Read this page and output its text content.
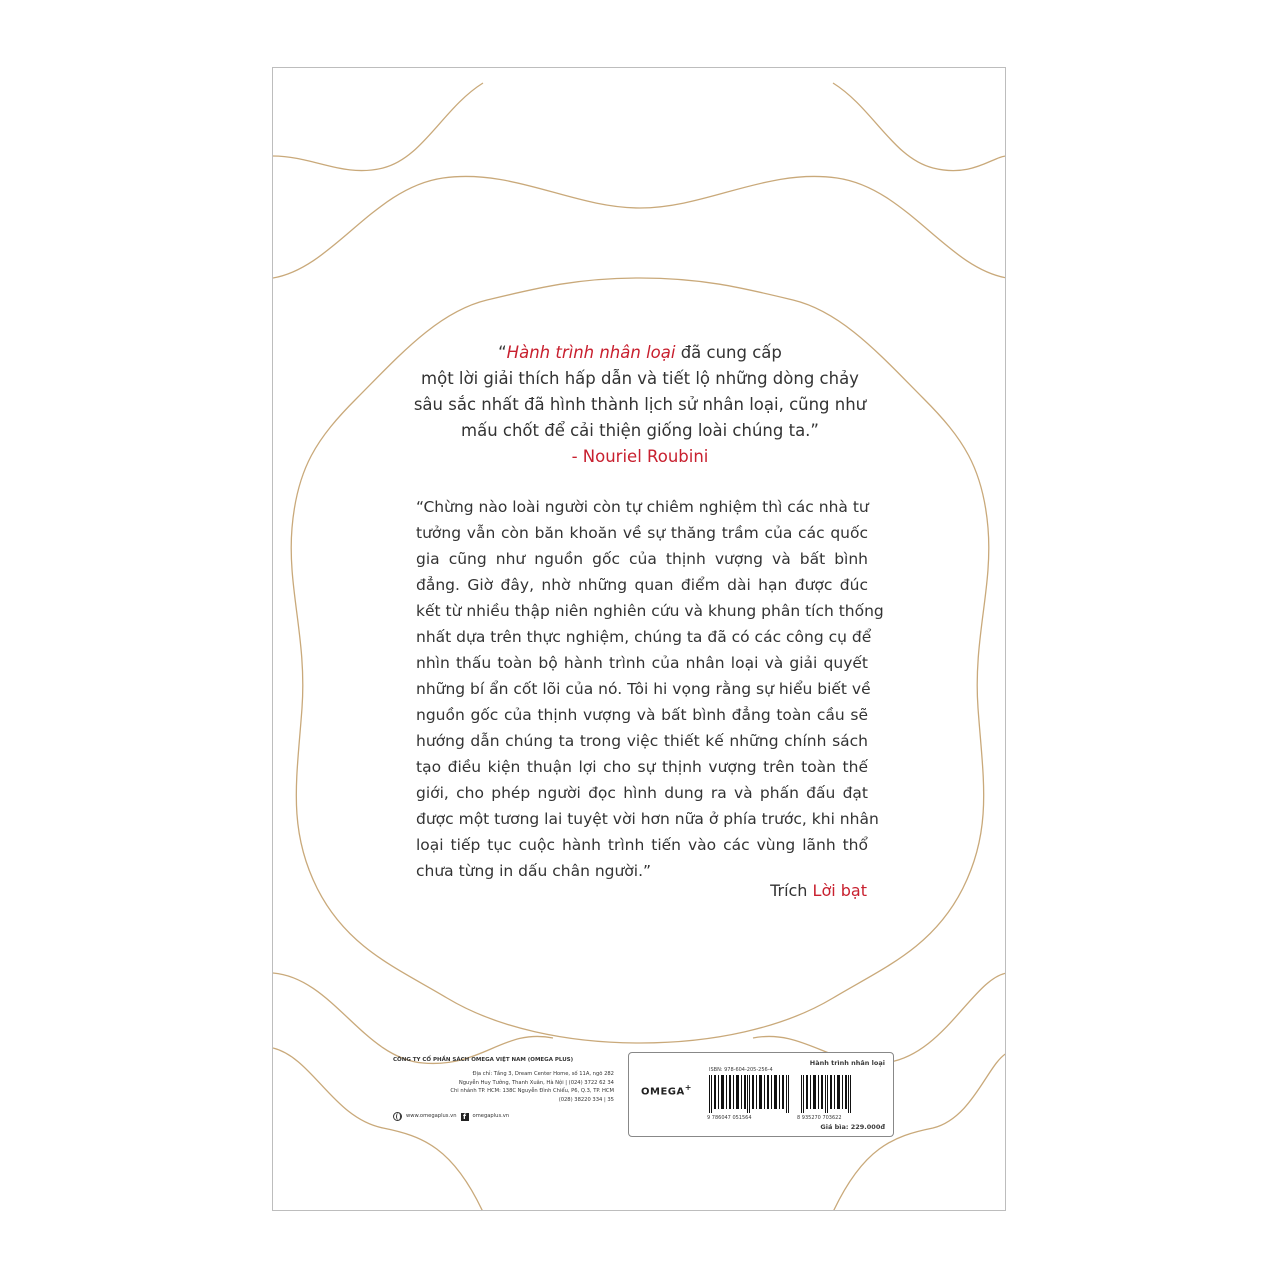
“Hành trình nhân loại đã cung cấp
một lời giải thích hấp dẫn và tiết lộ những dòng chảy
sâu sắc nhất đã hình thành lịch sử nhân loại, cũng như
mấu chốt để cải thiện giống loài chúng ta.”
- Nouriel Roubini
“Chừng nào loài người còn tự chiêm nghiệm thì các nhà tư
tưởng vẫn còn băn khoăn về sự thăng trầm của các quốc
gia cũng như nguồn gốc của thịnh vượng và bất bình
đẳng. Giờ đây, nhờ những quan điểm dài hạn được đúc
kết từ nhiều thập niên nghiên cứu và khung phân tích thống
nhất dựa trên thực nghiệm, chúng ta đã có các công cụ để
nhìn thấu toàn bộ hành trình của nhân loại và giải quyết
những bí ẩn cốt lõi của nó. Tôi hi vọng rằng sự hiểu biết về
nguồn gốc của thịnh vượng và bất bình đẳng toàn cầu sẽ
hướng dẫn chúng ta trong việc thiết kế những chính sách
tạo điều kiện thuận lợi cho sự thịnh vượng trên toàn thế
giới, cho phép người đọc hình dung ra và phấn đấu đạt
được một tương lai tuyệt vời hơn nữa ở phía trước, khi nhân
loại tiếp tục cuộc hành trình tiến vào các vùng lãnh thổ
chưa từng in dấu chân người.”
Trích Lời bạt
CÔNG TY CỔ PHẦN SÁCH OMEGA VIỆT NAM (OMEGA PLUS)
Địa chỉ: Tầng 3, Dream Center Home, số 11A, ngõ 282
Nguyễn Huy Tưởng, Thanh Xuân, Hà Nội | (024) 3722 62 34
Chi nhánh TP. HCM: 138C Nguyễn Đình Chiểu, P6, Q.3, TP. HCM
(028) 38220 334 | 35
www.omegaplus.vn f	omegaplus.vn
OMEGA+
ISBN: 978-604-205-256-4
9 786047 051564	8 935270 703622
Hành trình nhân loại
Giá bìa: 229.000đ
